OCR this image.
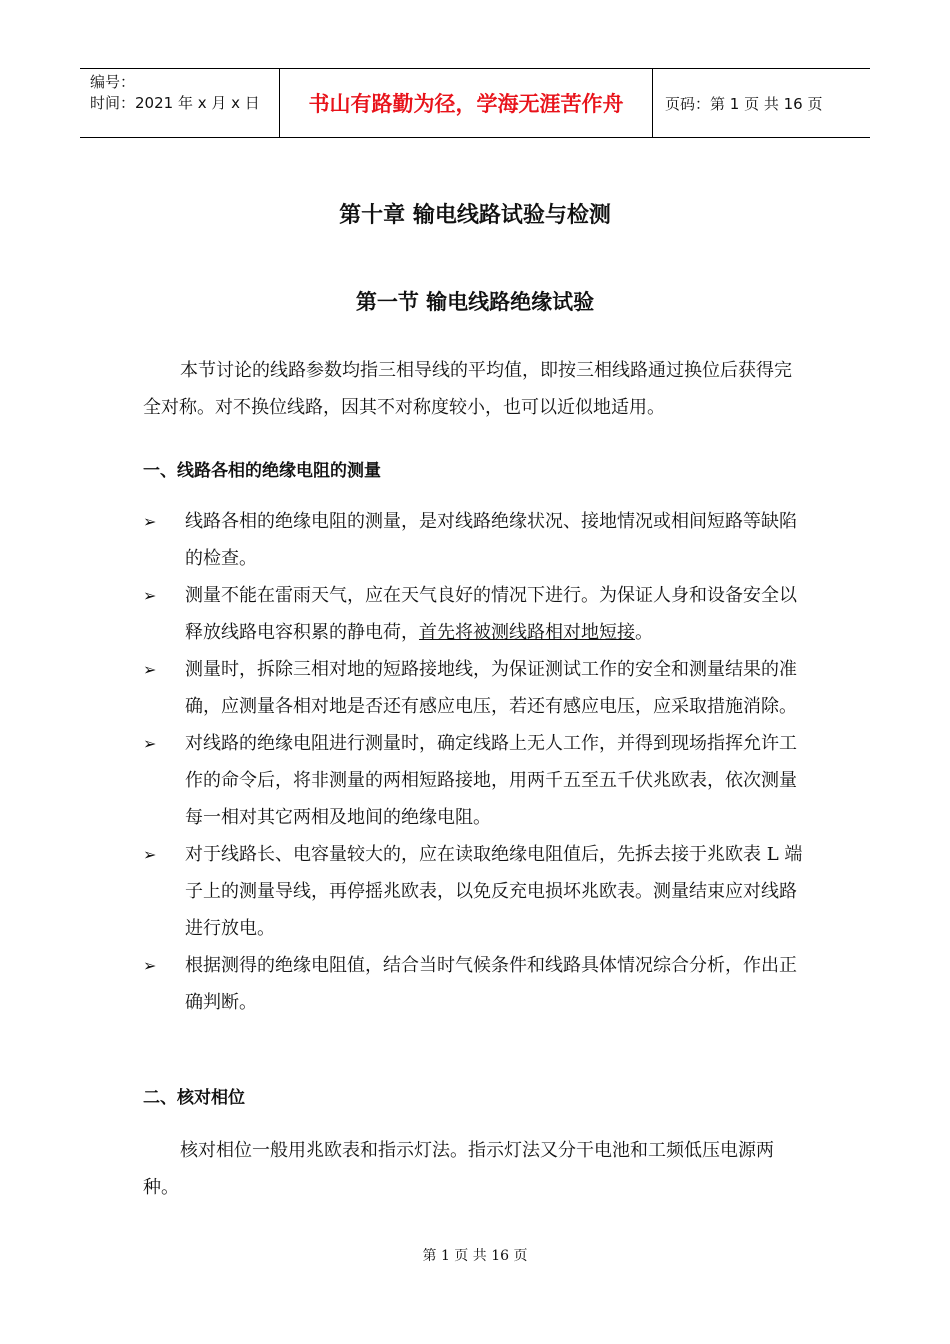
编号：
时间：2021 年 x 月 x 日	书山有路勤为径，学海无涯苦作舟	页码：第 1 页 共 16 页
第十章 输电线路试验与检测
第一节 输电线路绝缘试验

本节讨论的线路参数均指三相导线的平均值，即按三相线路通过换位后获得完全对称。对不换位线路，因其不对称度较小，也可以近似地适用。

一、线路各相的绝缘电阻的测量
➢ 线路各相的绝缘电阻的测量，是对线路绝缘状况、接地情况或相间短路等缺陷的检查。
➢ 测量不能在雷雨天气，应在天气良好的情况下进行。为保证人身和设备安全以释放线路电容积累的静电荷，首先将被测线路相对地短接。
➢ 测量时，拆除三相对地的短路接地线，为保证测试工作的安全和测量结果的准确，应测量各相对地是否还有感应电压，若还有感应电压，应采取措施消除。
➢ 对线路的绝缘电阻进行测量时，确定线路上无人工作，并得到现场指挥允许工作的命令后，将非测量的两相短路接地，用两千五至五千伏兆欧表，依次测量每一相对其它两相及地间的绝缘电阻。
➢ 对于线路长、电容量较大的，应在读取绝缘电阻值后，先拆去接于兆欧表 L 端子上的测量导线，再停摇兆欧表，以免反充电损坏兆欧表。测量结束应对线路进行放电。
➢ 根据测得的绝缘电阻值，结合当时气候条件和线路具体情况综合分析，作出正确判断。
二、核对相位

核对相位一般用兆欧表和指示灯法。指示灯法又分干电池和工频低压电源两种。

第 1 页 共 16 页
